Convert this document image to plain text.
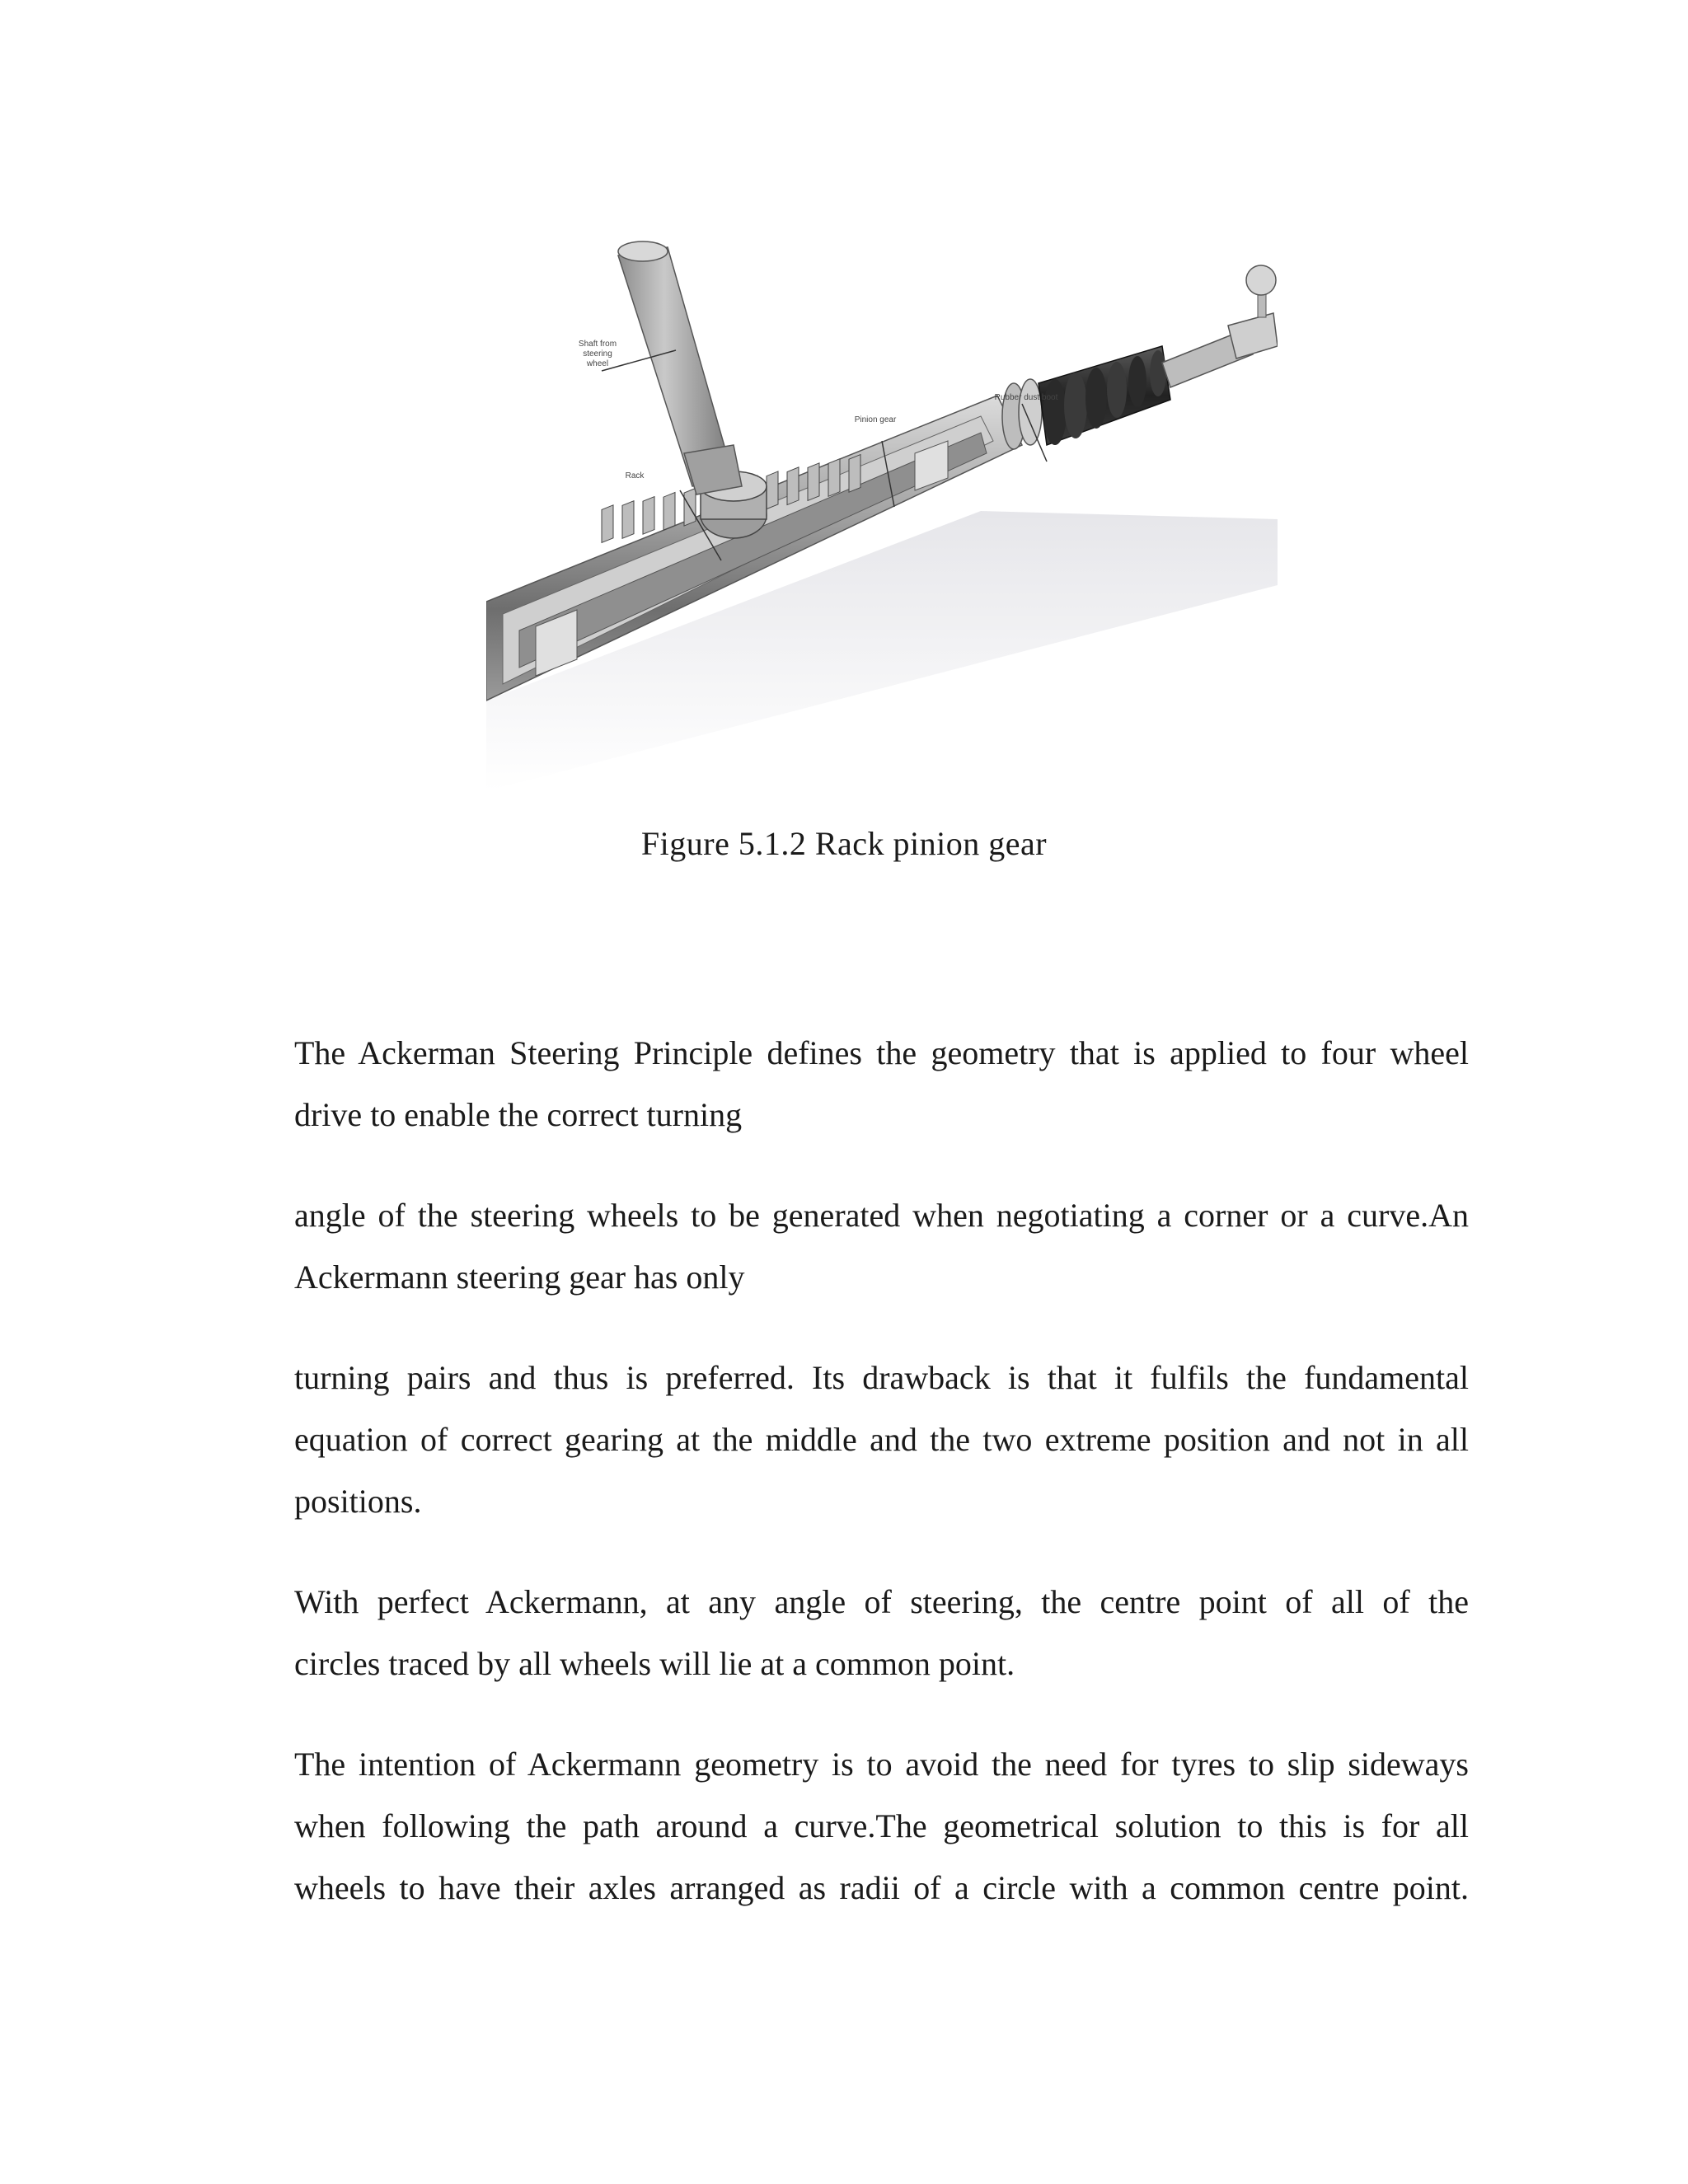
Shaft from
steering
wheel
Pinion gear
Rubber dust boot
Rack
Figure 5.1.2 Rack pinion gear

The Ackerman Steering Principle defines the geometry that is applied to four wheel
drive to enable the correct turning

angle of the steering wheels to be generated when negotiating a corner or a curve.An
Ackermann steering gear has only

turning pairs and thus is preferred. Its drawback is that it fulfils the fundamental
equation of correct gearing at the middle and the two extreme position and not in all
positions.

With perfect Ackermann, at any angle of steering, the centre point of all of the
circles traced by all wheels will lie at a common point.

The intention of Ackermann geometry is to avoid the need for tyres to slip sideways
when following the path around a curve.The geometrical solution to this is for all
wheels to have their axles arranged as radii of a circle with a common centre point.
